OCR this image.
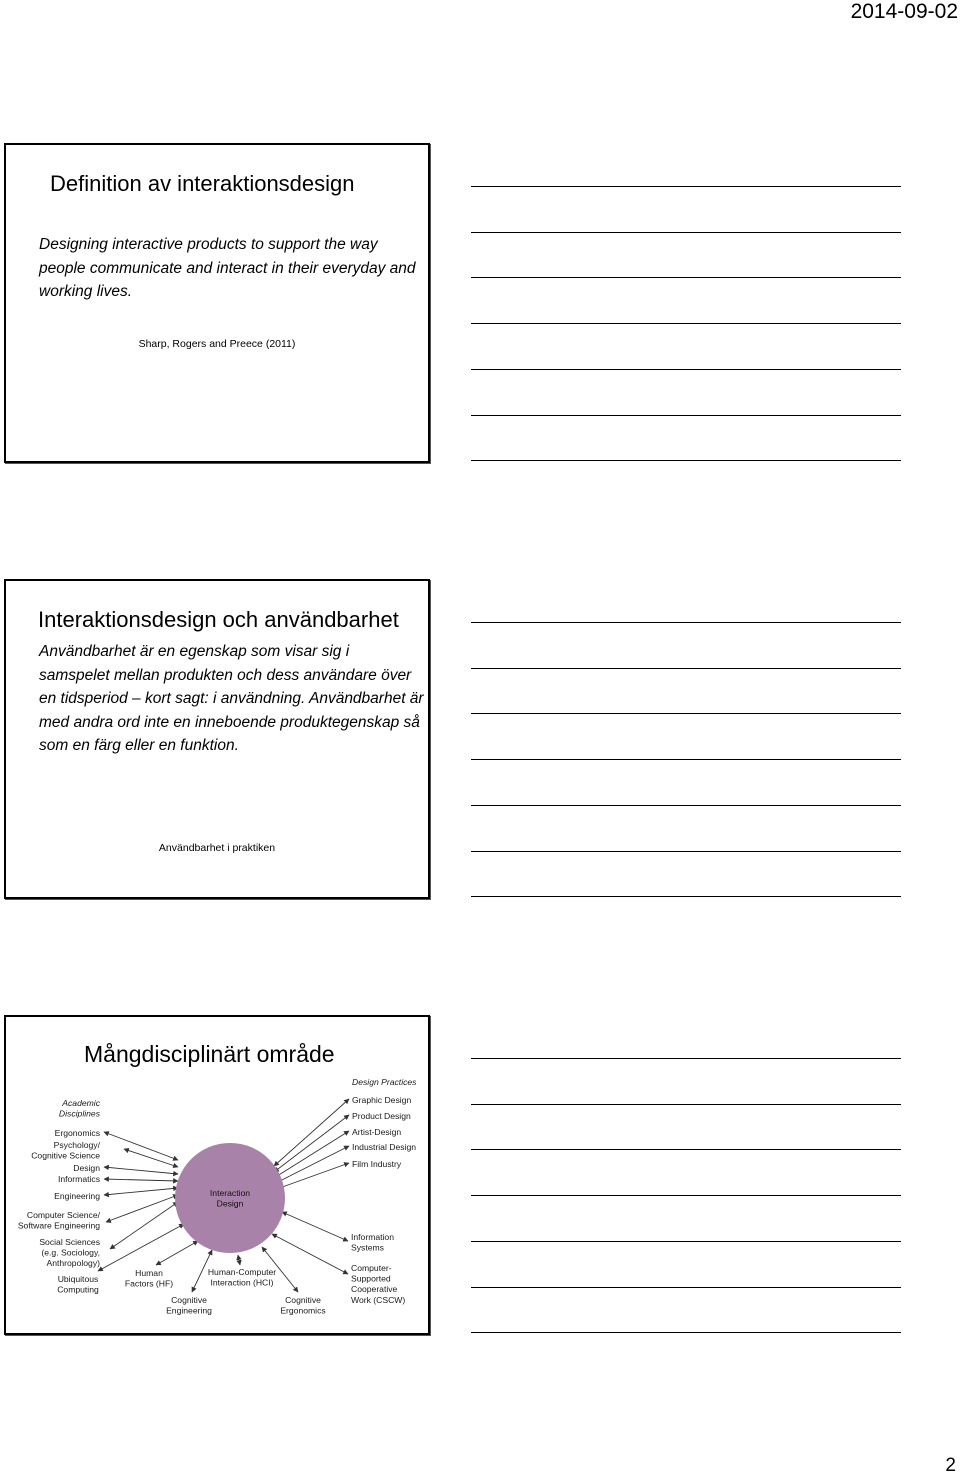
2014-09-02
Definition av interaktionsdesign
Designing interactive products to support the way people communicate and interact in their everyday and working lives.
Sharp, Rogers and Preece (2011)
Interaktionsdesign och användbarhet
Användbarhet är en egenskap som visar sig i samspelet mellan produkten och dess användare över en tidsperiod – kort sagt: i användning. Användbarhet är med andra ord inte en inneboende produktegenskap så som en färg eller en funktion.
Användbarhet i praktiken
Mångdisciplinärt område
Interaction Design
Academic Disciplines
Design Practices
Ergonomics
Psychology/ Cognitive Science
Design
Informatics
Engineering
Computer Science/ Software Engineering
Social Sciences (e.g. Sociology, Anthropology)
Graphic Design
Product Design
Artist-Design
Industrial Design
Film Industry
Ubiquitous Computing
Human Factors (HF)
Cognitive Engineering
Human-Computer Interaction (HCI)
Cognitive Ergonomics
Information Systems
Computer-Supported Cooperative Work (CSCW)
2
